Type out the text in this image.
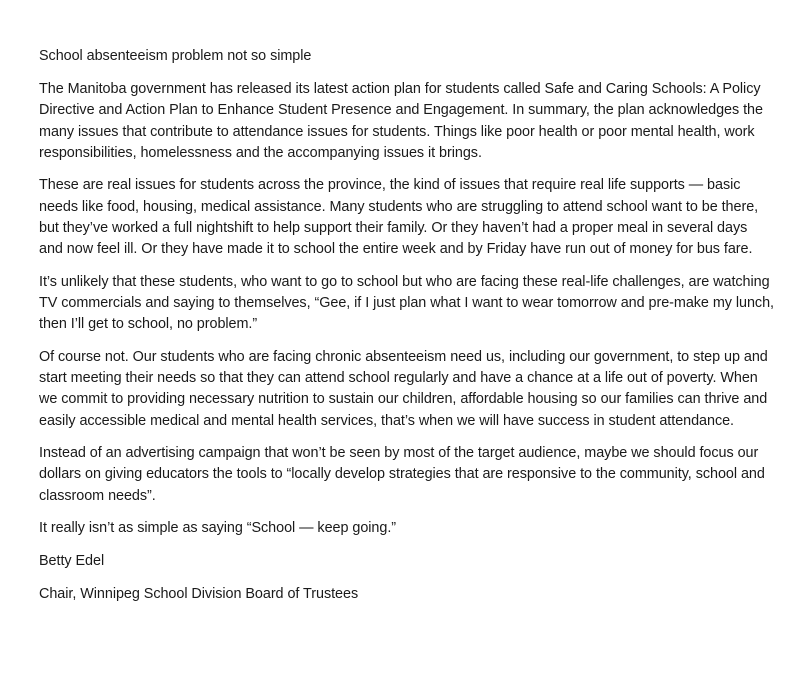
School absenteeism problem not so simple

The Manitoba government has released its latest action plan for students called Safe and Caring Schools: A Policy Directive and Action Plan to Enhance Student Presence and Engagement. In summary, the plan acknowledges the many issues that contribute to attendance issues for students. Things like poor health or poor mental health, work responsibilities, homelessness and the accompanying issues it brings.

These are real issues for students across the province, the kind of issues that require real life supports — basic needs like food, housing, medical assistance. Many students who are struggling to attend school want to be there, but they’ve worked a full nightshift to help support their family. Or they haven’t had a proper meal in several days and now feel ill. Or they have made it to school the entire week and by Friday have run out of money for bus fare.

It’s unlikely that these students, who want to go to school but who are facing these real-life challenges, are watching TV commercials and saying to themselves, “Gee, if I just plan what I want to wear tomorrow and pre-make my lunch, then I’ll get to school, no problem.”

Of course not. Our students who are facing chronic absenteeism need us, including our government, to step up and start meeting their needs so that they can attend school regularly and have a chance at a life out of poverty. When we commit to providing necessary nutrition to sustain our children, affordable housing so our families can thrive and easily accessible medical and mental health services, that’s when we will have success in student attendance.

Instead of an advertising campaign that won’t be seen by most of the target audience, maybe we should focus our dollars on giving educators the tools to “locally develop strategies that are responsive to the community, school and classroom needs”.

It really isn’t as simple as saying “School — keep going.”

Betty Edel

Chair, Winnipeg School Division Board of Trustees
